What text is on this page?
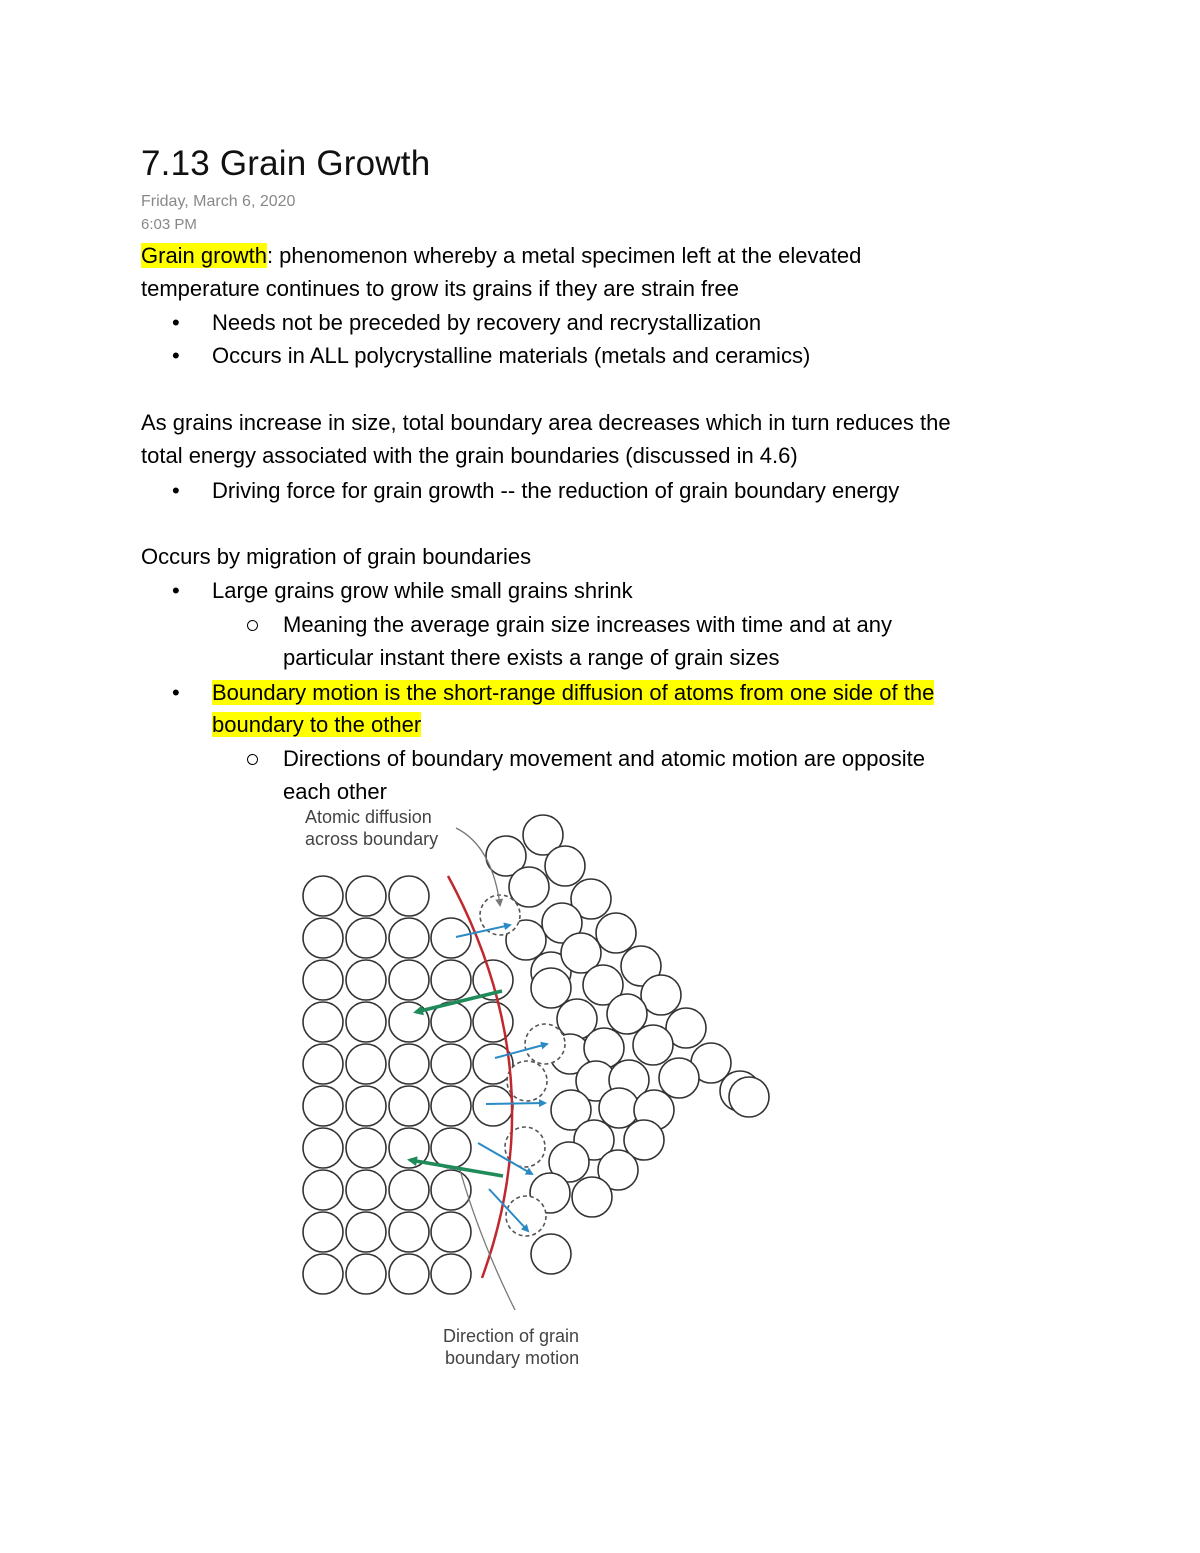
7.13 Grain Growth
Friday, March 6, 2020
6:03 PM
Grain growth: phenomenon whereby a metal specimen left at the elevated
temperature continues to grow its grains if they are strain free
• Needs not be preceded by recovery and recrystallization
• Occurs in ALL polycrystalline materials (metals and ceramics)
As grains increase in size, total boundary area decreases which in turn reduces the
total energy associated with the grain boundaries (discussed in 4.6)
• Driving force for grain growth -- the reduction of grain boundary energy
Occurs by migration of grain boundaries
• Large grains grow while small grains shrink
Meaning the average grain size increases with time and at any
particular instant there exists a range of grain sizes
• Boundary motion is the short-range diffusion of atoms from one side of the
boundary to the other
Directions of boundary movement and atomic motion are opposite
each other
Atomic diffusion
across boundary
Direction of grain
boundary motion
